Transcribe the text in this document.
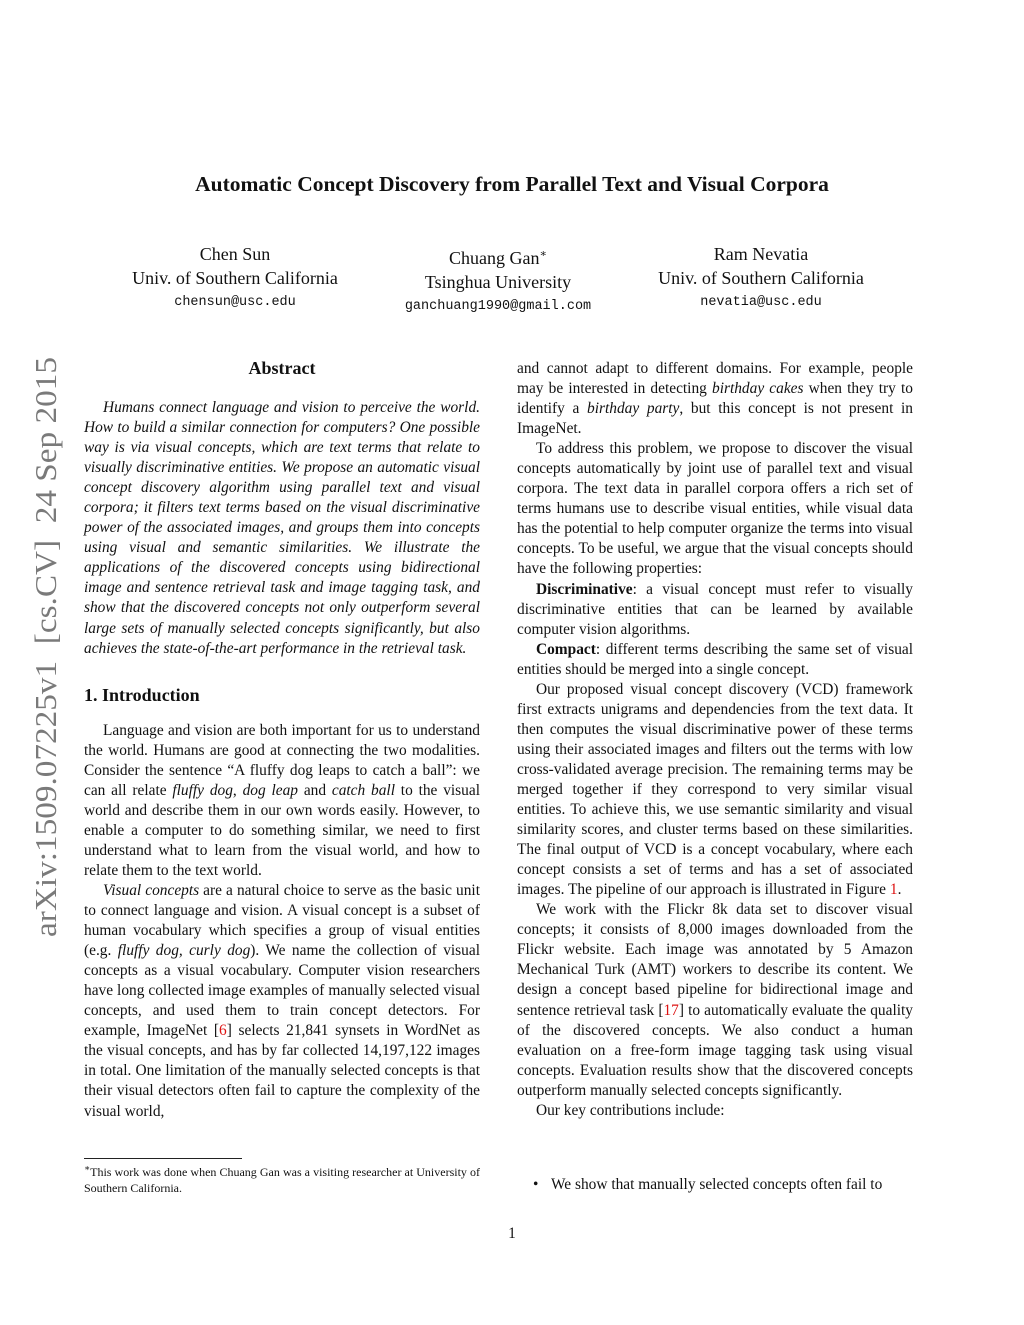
Automatic Concept Discovery from Parallel Text and Visual Corpora
Chen Sun
Univ. of Southern California
chensun@usc.edu
Chuang Gan∗
Tsinghua University
ganchuang1990@gmail.com
Ram Nevatia
Univ. of Southern California
nevatia@usc.edu
arXiv:1509.07225v1  [cs.CV]  24 Sep 2015
Abstract

Humans connect language and vision to perceive the world. How to build a similar connection for computers? One possible way is via visual concepts, which are text terms that relate to visually discriminative entities. We propose an automatic visual concept discovery algorithm using parallel text and visual corpora; it filters text terms based on the visual discriminative power of the associated images, and groups them into concepts using visual and semantic similarities. We illustrate the applications of the discovered concepts using bidirectional image and sentence retrieval task and image tagging task, and show that the discovered concepts not only outperform several large sets of manually selected concepts significantly, but also achieves the state-of-the-art performance in the retrieval task.

1. Introduction

Language and vision are both important for us to understand the world. Humans are good at connecting the two modalities. Consider the sentence “A fluffy dog leaps to catch a ball”: we can all relate fluffy dog, dog leap and catch ball to the visual world and describe them in our own words easily. However, to enable a computer to do something similar, we need to first understand what to learn from the visual world, and how to relate them to the text world.

Visual concepts are a natural choice to serve as the basic unit to connect language and vision. A visual concept is a subset of human vocabulary which specifies a group of visual entities (e.g. fluffy dog, curly dog). We name the collection of visual concepts as a visual vocabulary. Computer vision researchers have long collected image examples of manually selected visual concepts, and used them to train concept detectors. For example, ImageNet [6] selects 21,841 synsets in WordNet as the visual concepts, and has by far collected 14,197,122 images in total. One limitation of the manually selected concepts is that their visual detectors often fail to capture the complexity of the visual world,

∗This work was done when Chuang Gan was a visiting researcher at University of Southern California.

and cannot adapt to different domains. For example, people may be interested in detecting birthday cakes when they try to identify a birthday party, but this concept is not present in ImageNet.

To address this problem, we propose to discover the visual concepts automatically by joint use of parallel text and visual corpora. The text data in parallel corpora offers a rich set of terms humans use to describe visual entities, while visual data has the potential to help computer organize the terms into visual concepts. To be useful, we argue that the visual concepts should have the following properties:

Discriminative: a visual concept must refer to visually discriminative entities that can be learned by available computer vision algorithms.

Compact: different terms describing the same set of visual entities should be merged into a single concept.

Our proposed visual concept discovery (VCD) framework first extracts unigrams and dependencies from the text data. It then computes the visual discriminative power of these terms using their associated images and filters out the terms with low cross-validated average precision. The remaining terms may be merged together if they correspond to very similar visual entities. To achieve this, we use semantic similarity and visual similarity scores, and cluster terms based on these similarities. The final output of VCD is a concept vocabulary, where each concept consists a set of terms and has a set of associated images. The pipeline of our approach is illustrated in Figure 1.

We work with the Flickr 8k data set to discover visual concepts; it consists of 8,000 images downloaded from the Flickr website. Each image was annotated by 5 Amazon Mechanical Turk (AMT) workers to describe its content. We design a concept based pipeline for bidirectional image and sentence retrieval task [17] to automatically evaluate the quality of the discovered concepts. We also conduct a human evaluation on a free-form image tagging task using visual concepts. Evaluation results show that the discovered concepts outperform manually selected concepts significantly.

Our key contributions include:

• We show that manually selected concepts often fail to
1
